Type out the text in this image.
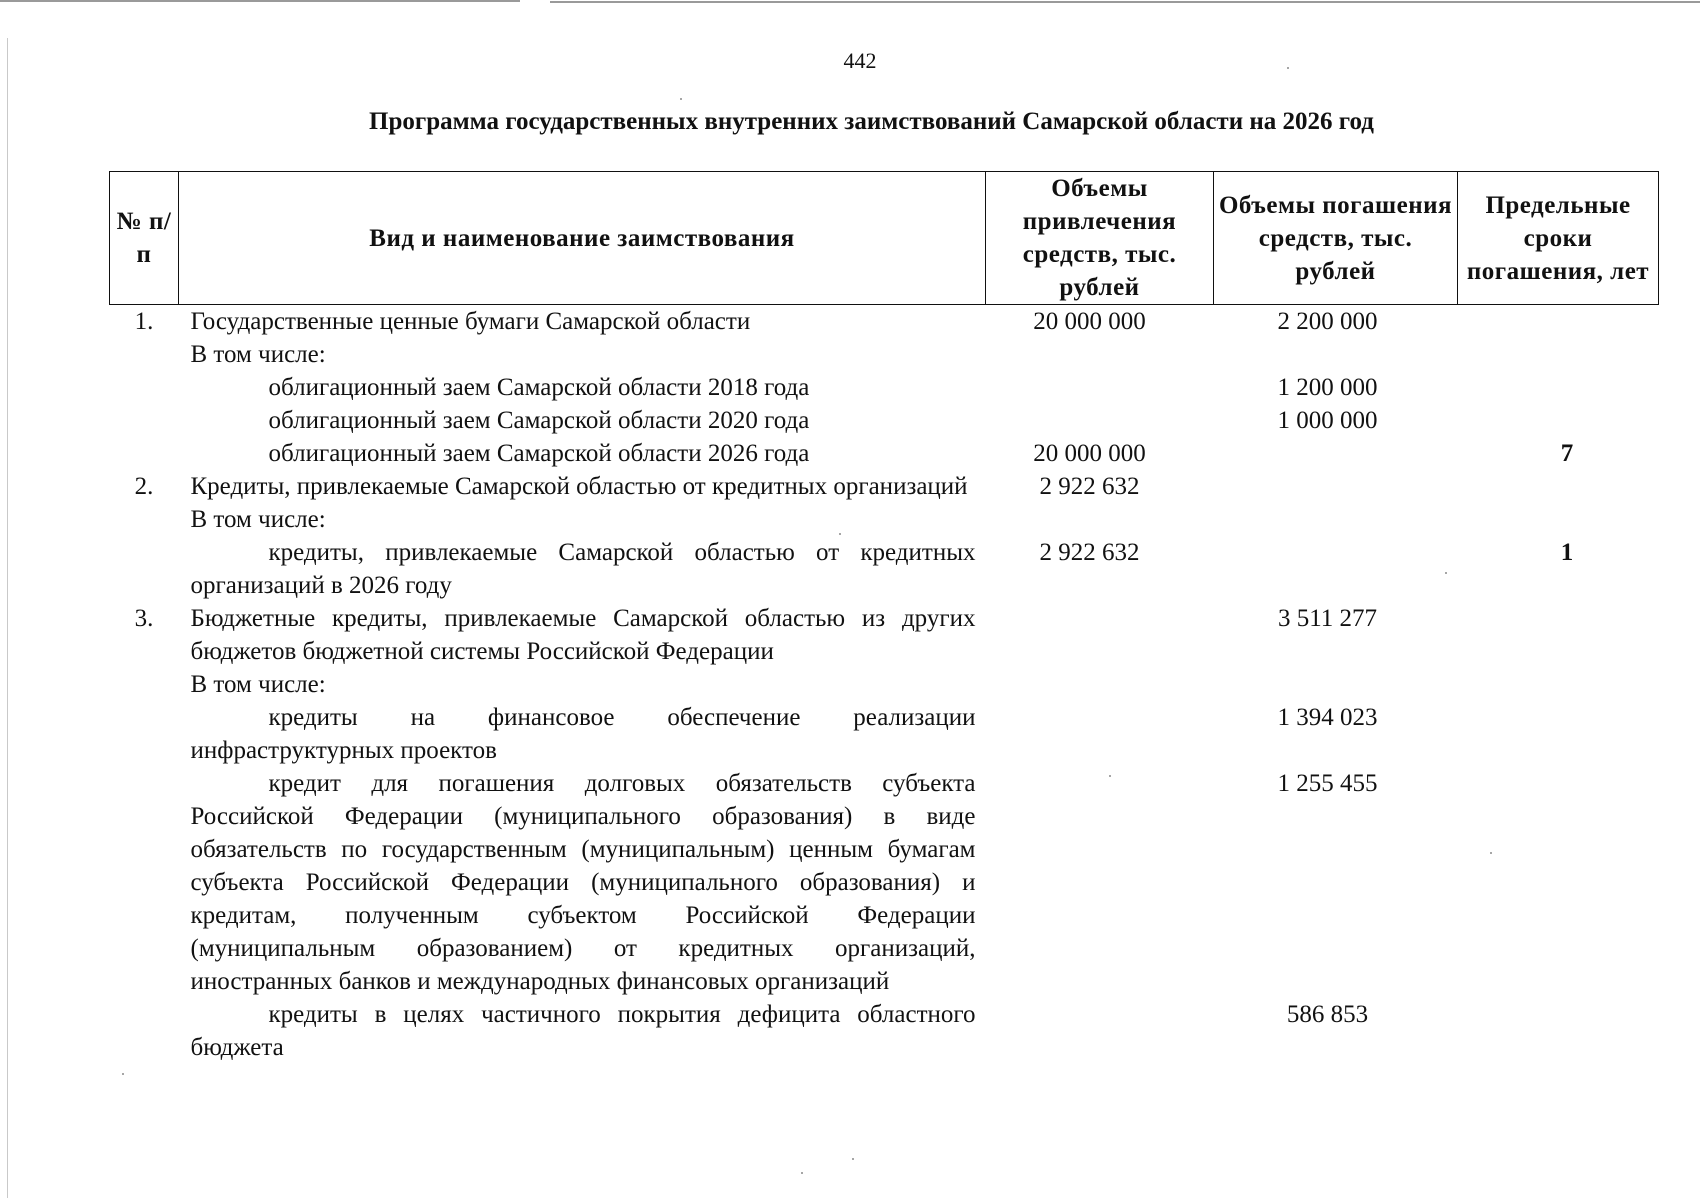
442
Программа государственных внутренних заимствований Самарской области на 2026 год
№ п/п	Вид и наименование заимствования	Объемы привлечения средств, тыс. рублей	Объемы погашения средств, тыс. рублей	Предельные сроки погашения, лет
1.	Государственные ценные бумаги Самарской области	20 000 000	2 200 000	
	В том числе:			
	облигационный заем Самарской области 2018 года		1 200 000	
	облигационный заем Самарской области 2020 года		1 000 000	
	облигационный заем Самарской области 2026 года	20 000 000		7
2.	Кредиты, привлекаемые Самарской областью от кредитных организаций	2 922 632		
	В том числе:			
	кредиты, привлекаемые Самарской областью от кредитных организаций в 2026 году	2 922 632		1
3.	Бюджетные кредиты, привлекаемые Самарской областью из других бюджетов бюджетной системы Российской Федерации		3 511 277	
	В том числе:			
	кредиты на финансовое обеспечение реализации инфраструктурных проектов		1 394 023	
	кредит для погашения долговых обязательств субъекта Российской Федерации (муниципального образования) в виде обязательств по государственным (муниципальным) ценным бумагам субъекта Российской Федерации (муниципального образования) и кредитам, полученным субъектом Российской Федерации (муниципальным образованием) от кредитных организаций, иностранных банков и международных финансовых организаций		1 255 455	
	кредиты в целях частичного покрытия дефицита областного бюджета		586 853	
